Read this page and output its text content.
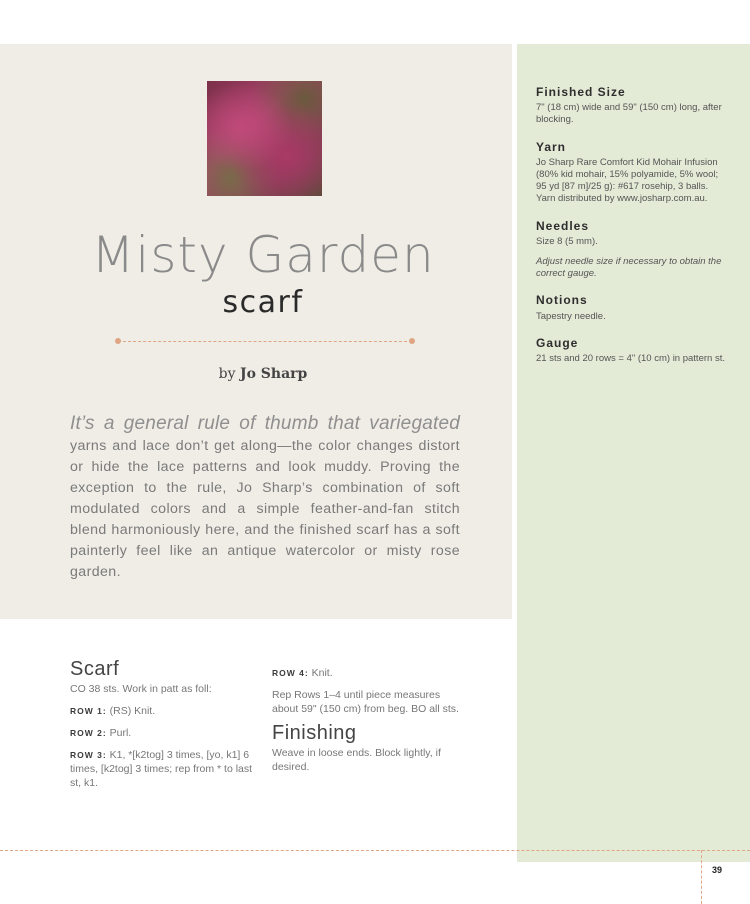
Misty Garden
scarf
by Jo Sharp
It’s a general rule of thumb that variegated yarns and lace don’t get along—the color changes distort or hide the lace patterns and look muddy. Proving the exception to the rule, Jo Sharp’s combination of soft modulated colors and a simple feather-and-fan stitch blend harmoniously here, and the finished scarf has a soft painterly feel like an antique watercolor or misty rose garden.
Scarf

CO 38 sts. Work in patt as foll:

ROW 1: (RS) Knit.

ROW 2: Purl.

ROW 3: K1, *[k2tog] 3 times, [yo, k1] 6 times, [k2tog] 3 times; rep from * to last st, k1.

ROW 4: Knit.

Rep Rows 1–4 until piece measures about 59" (150 cm) from beg. BO all sts.

Finishing

Weave in loose ends. Block lightly, if desired.

Finished Size

7" (18 cm) wide and 59" (150 cm) long, after blocking.

Yarn

Jo Sharp Rare Comfort Kid Mohair Infusion (80% kid mohair, 15% polyamide, 5% wool; 95 yd [87 m]/25 g): #617 rosehip, 3 balls. Yarn distributed by www.josharp.com.au.

Needles

Size 8 (5 mm).

Adjust needle size if necessary to obtain the correct gauge.

Notions

Tapestry needle.

Gauge

21 sts and 20 rows = 4" (10 cm) in pattern st.

39
